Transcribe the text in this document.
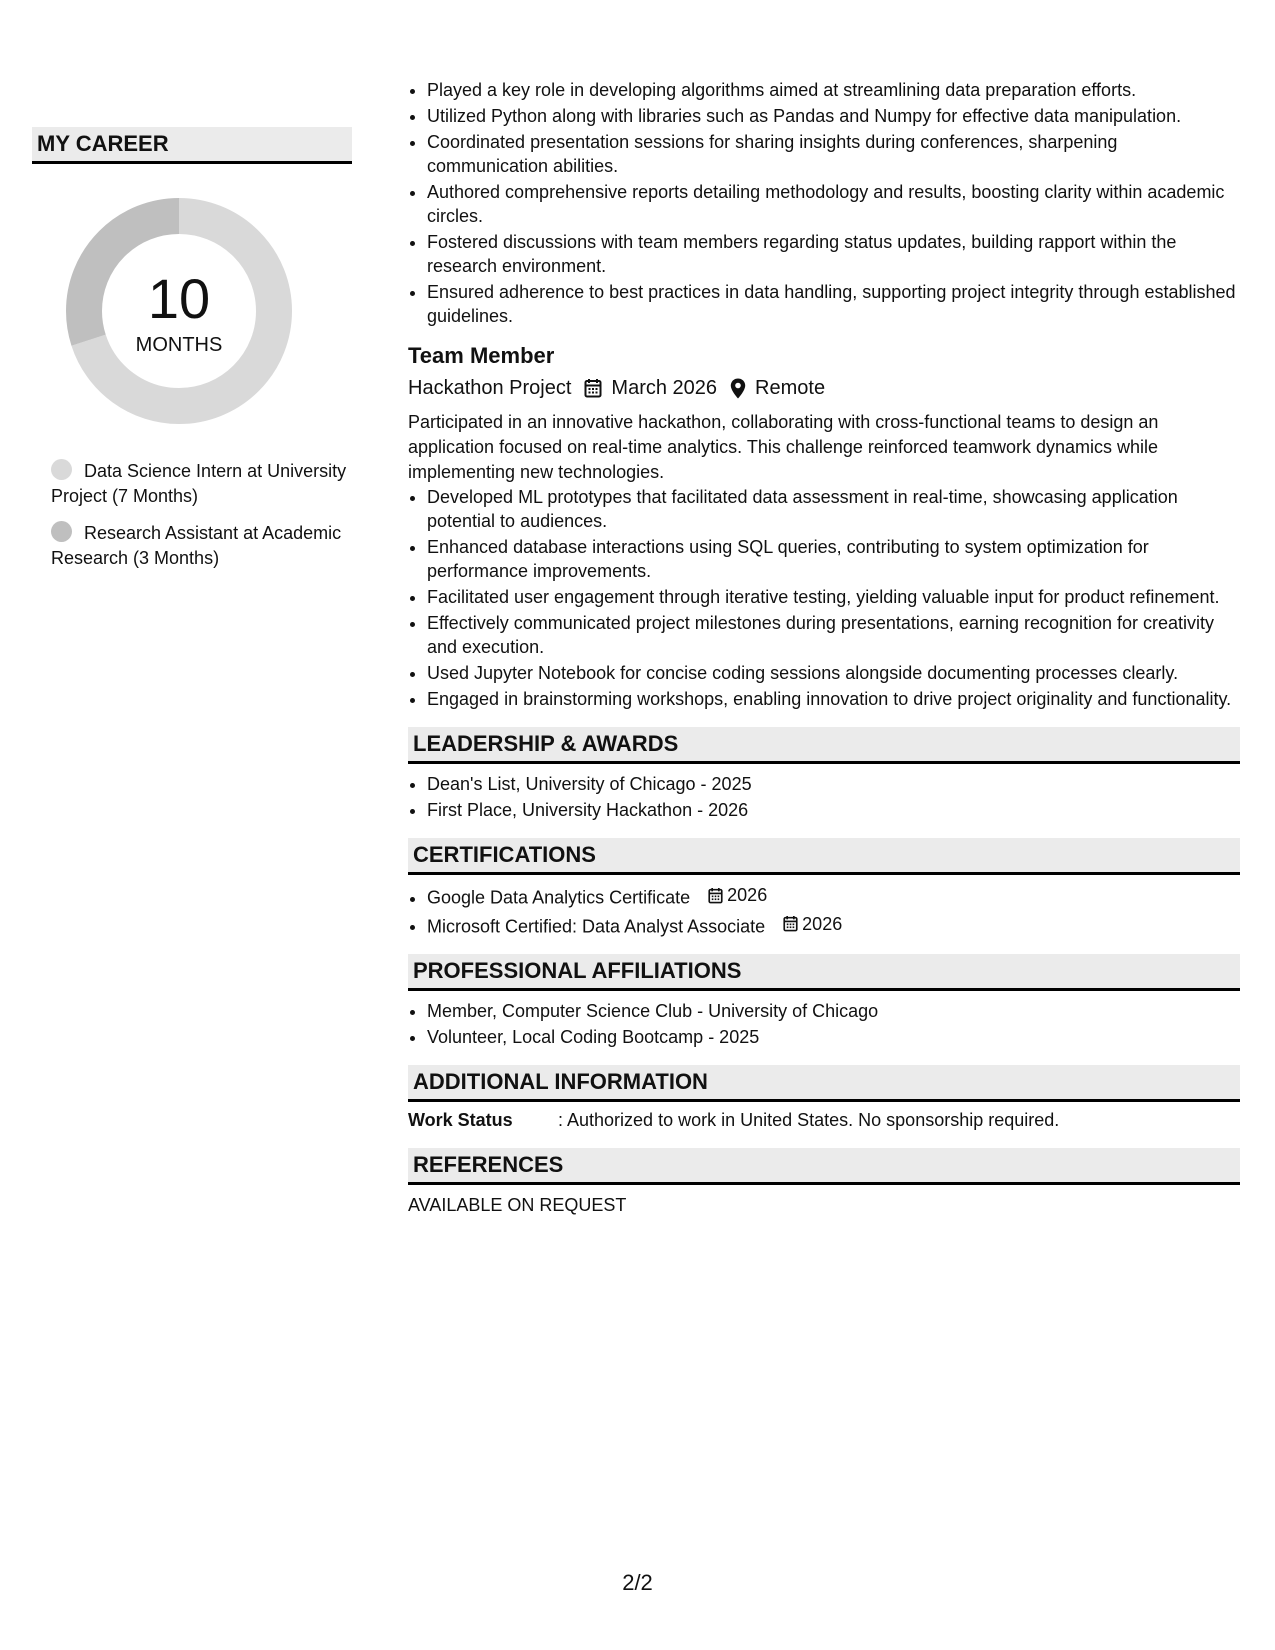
MY CAREER
10
MONTHS
Data Science Intern at University Project (7 Months)
Research Assistant at Academic Research (3 Months)
• Played a key role in developing algorithms aimed at streamlining data preparation efforts.
• Utilized Python along with libraries such as Pandas and Numpy for effective data manipulation.
• Coordinated presentation sessions for sharing insights during conferences, sharpening communication abilities.
• Authored comprehensive reports detailing methodology and results, boosting clarity within academic circles.
• Fostered discussions with team members regarding status updates, building rapport within the research environment.
• Ensured adherence to best practices in data handling, supporting project integrity through established guidelines.
Team Member
Hackathon Project March 2026 Remote
Participated in an innovative hackathon, collaborating with cross-functional teams to design an application focused on real-time analytics. This challenge reinforced teamwork dynamics while implementing new technologies.
• Developed ML prototypes that facilitated data assessment in real-time, showcasing application potential to audiences.
• Enhanced database interactions using SQL queries, contributing to system optimization for performance improvements.
• Facilitated user engagement through iterative testing, yielding valuable input for product refinement.
• Effectively communicated project milestones during presentations, earning recognition for creativity and execution.
• Used Jupyter Notebook for concise coding sessions alongside documenting processes clearly.
• Engaged in brainstorming workshops, enabling innovation to drive project originality and functionality.
LEADERSHIP & AWARDS
• Dean's List, University of Chicago - 2025
• First Place, University Hackathon - 2026
CERTIFICATIONS
• Google Data Analytics Certificate 2026
• Microsoft Certified: Data Analyst Associate 2026
PROFESSIONAL AFFILIATIONS
• Member, Computer Science Club - University of Chicago
• Volunteer, Local Coding Bootcamp - 2025
ADDITIONAL INFORMATION
Work Status	: Authorized to work in United States. No sponsorship required.
REFERENCES
AVAILABLE ON REQUEST
2/2
